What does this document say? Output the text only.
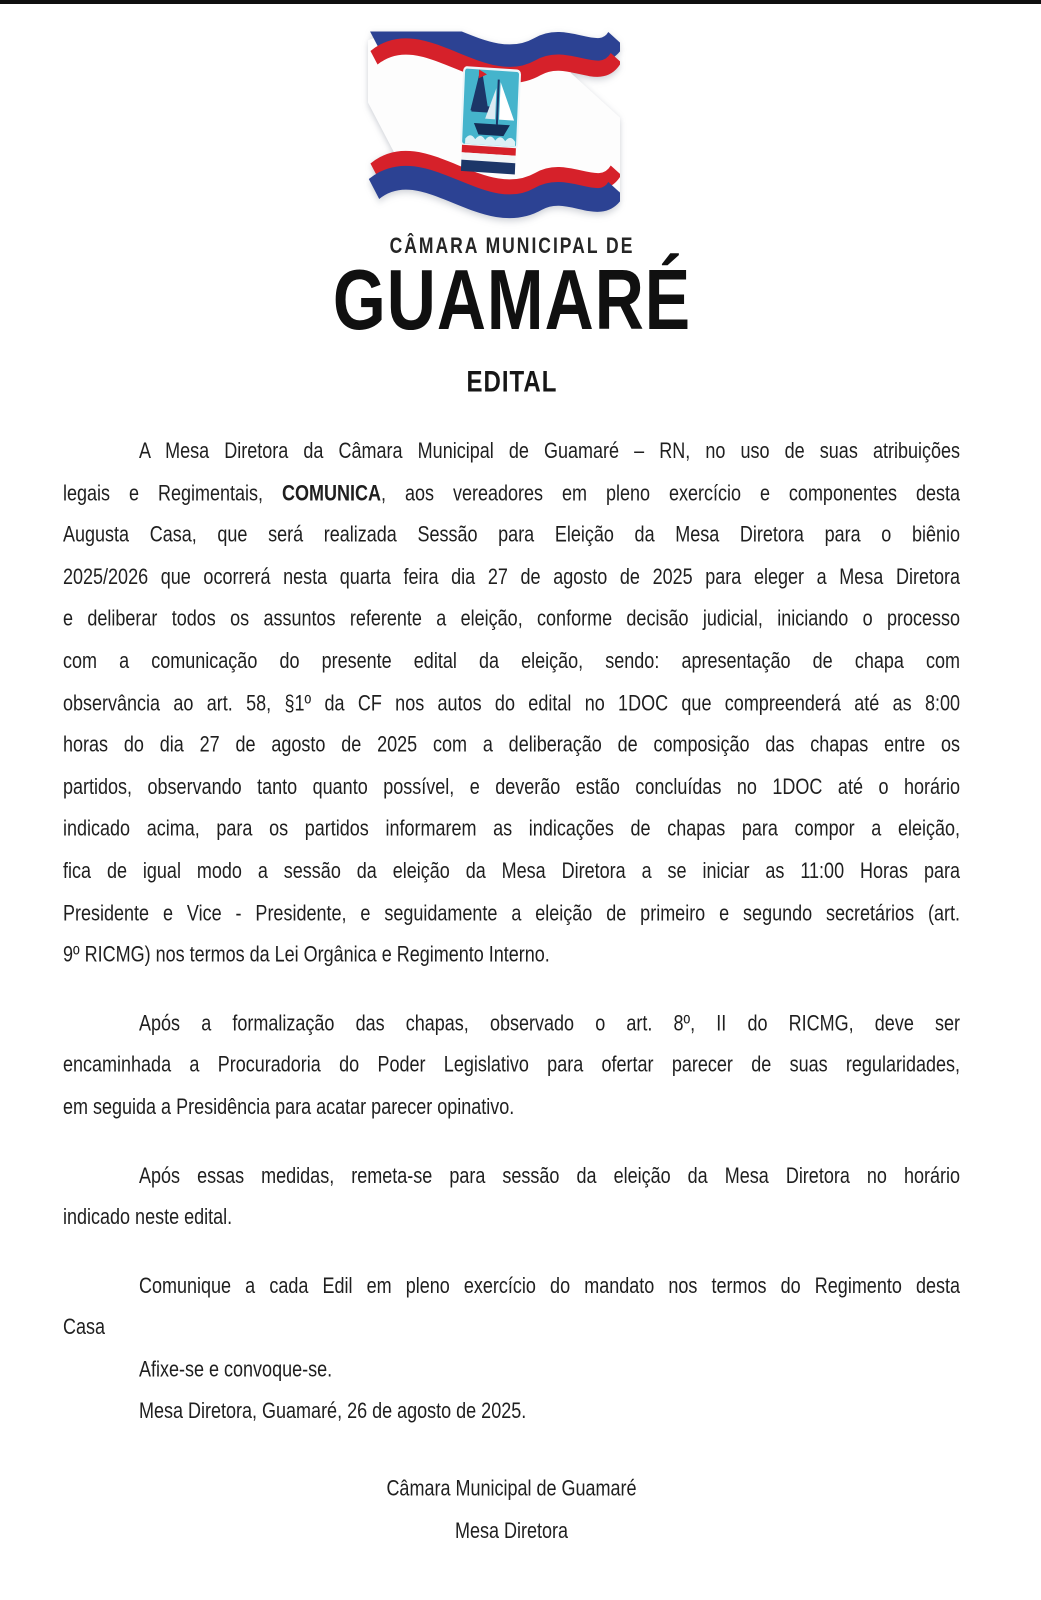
CÂMARA MUNICIPAL DE
GUAMARÉ
EDITAL
A Mesa Diretora da Câmara Municipal de Guamaré – RN, no uso de suas atribuições
legais e Regimentais, COMUNICA, aos vereadores em pleno exercício e componentes desta
Augusta Casa, que será realizada Sessão para Eleição da Mesa Diretora para o biênio
2025/2026 que ocorrerá nesta quarta feira dia 27 de agosto de 2025 para eleger a Mesa Diretora
e deliberar todos os assuntos referente a eleição, conforme decisão judicial, iniciando o processo
com a comunicação do presente edital da eleição, sendo: apresentação de chapa com
observância ao art. 58, §1º da CF nos autos do edital no 1DOC que compreenderá até as 8:00
horas do dia 27 de agosto de 2025 com a deliberação de composição das chapas entre os
partidos, observando tanto quanto possível, e deverão estão concluídas no 1DOC até o horário
indicado acima, para os partidos informarem as indicações de chapas para compor a eleição,
fica de igual modo a sessão da eleição da Mesa Diretora a se iniciar as 11:00 Horas para
Presidente e Vice - Presidente, e seguidamente a eleição de primeiro e segundo secretários (art.
9º RICMG) nos termos da Lei Orgânica e Regimento Interno.
Após a formalização das chapas, observado o art. 8º, II do RICMG, deve ser
encaminhada a Procuradoria do Poder Legislativo para ofertar parecer de suas regularidades,
em seguida a Presidência para acatar parecer opinativo.
Após essas medidas, remeta-se para sessão da eleição da Mesa Diretora no horário
indicado neste edital.
Comunique a cada Edil em pleno exercício do mandato nos termos do Regimento desta
Casa
Afixe-se e convoque-se.
Mesa Diretora, Guamaré, 26 de agosto de 2025.
Câmara Municipal de Guamaré
Mesa Diretora
